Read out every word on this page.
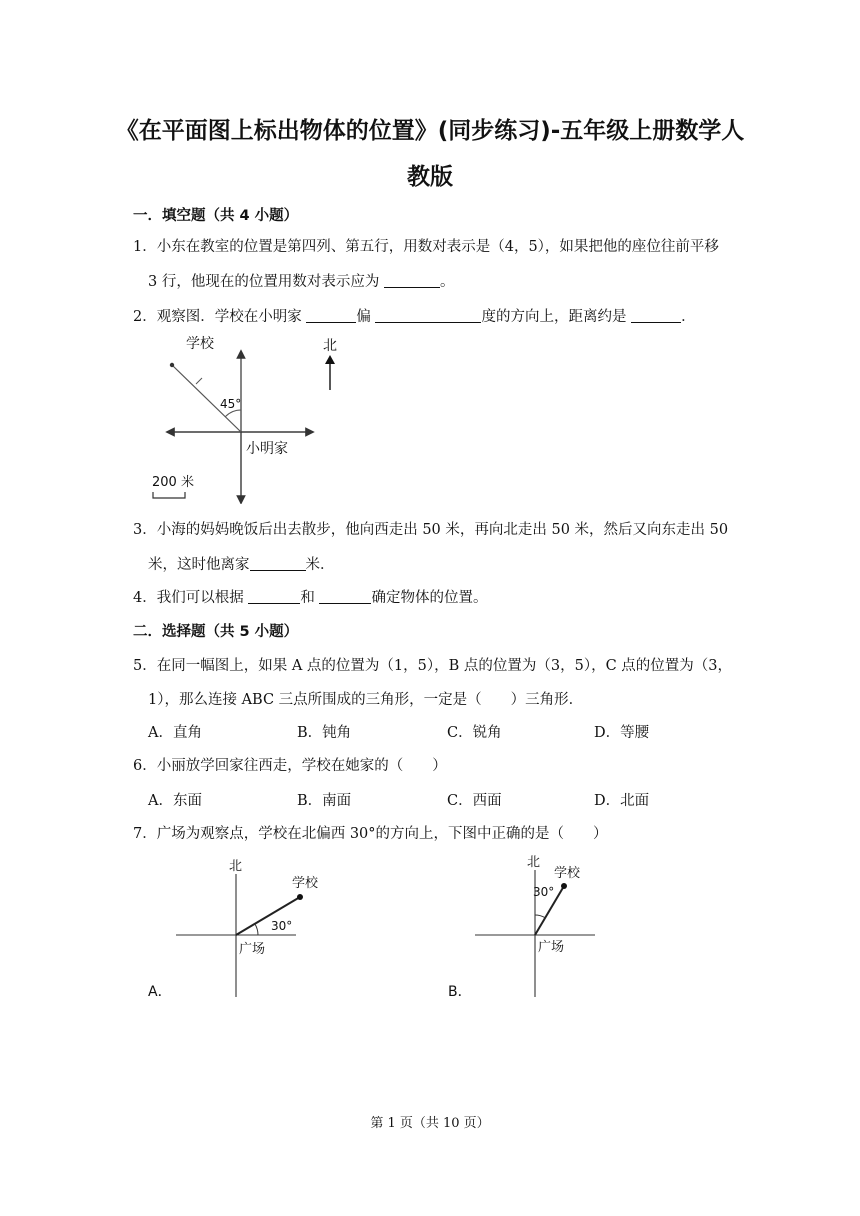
《在平面图上标出物体的位置》(同步练习)-五年级上册数学人
教版
一．填空题（共 4 小题）
1．小东在教室的位置是第四列、第五行，用数对表示是（4，5），如果把他的座位往前平移
3 行，他现在的位置用数对表示应为	。
2．观察图．学校在小明家	偏	度的方向上，距离约是	．
学校
45°
小明家
200 米
北
3．小海的妈妈晚饭后出去散步，他向西走出 50 米，再向北走出 50 米，然后又向东走出 50
米，这时他离家	米．
4．我们可以根据	和	确定物体的位置。
二．选择题（共 5 小题）
5．在同一幅图上，如果 A 点的位置为（1，5），B 点的位置为（3，5），C 点的位置为（3，
1），那么连接 ABC 三点所围成的三角形，一定是（　　）三角形．
A．直角	B．钝角	C．锐角	D．等腰
6．小丽放学回家往西走，学校在她家的（　　）
A．东面	B．南面	C．西面	D．北面
7．广场为观察点，学校在北偏西 30°的方向上，下图中正确的是（　　）
北
学校
30°
广场
A．
北
学校
30°
广场
B．
第 1 页（共 10 页）
